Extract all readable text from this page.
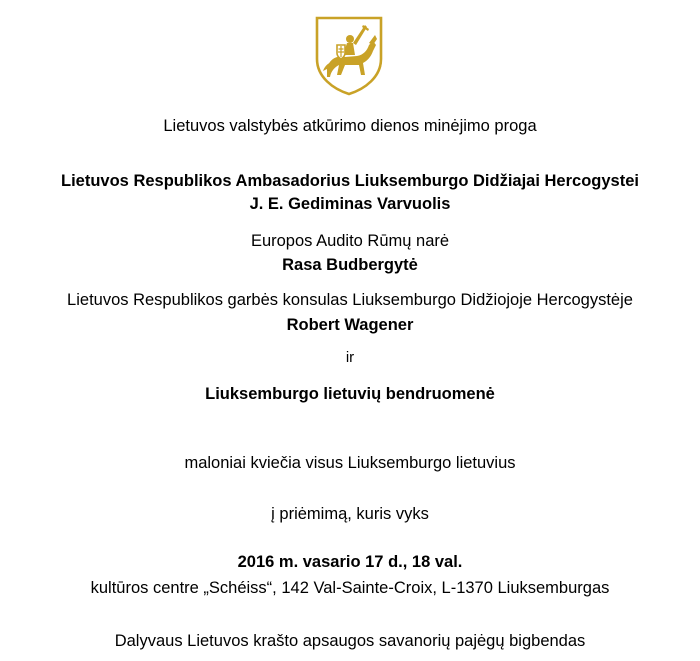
Lietuvos valstybės atkūrimo dienos minėjimo proga
Lietuvos Respublikos Ambasadorius Liuksemburgo Didžiajai Hercogystei
J. E. Gediminas Varvuolis
Europos Audito Rūmų narė
Rasa Budbergytė
Lietuvos Respublikos garbės konsulas Liuksemburgo Didžiojoje Hercogystėje
Robert Wagener
ir
Liuksemburgo lietuvių bendruomenė
maloniai kviečia visus Liuksemburgo lietuvius
į priėmimą, kuris vyks
2016 m. vasario 17 d., 18 val.
kultūros centre „Schéiss“, 142 Val-Sainte-Croix, L-1370 Liuksemburgas
Dalyvaus Lietuvos krašto apsaugos savanorių pajėgų bigbendas
